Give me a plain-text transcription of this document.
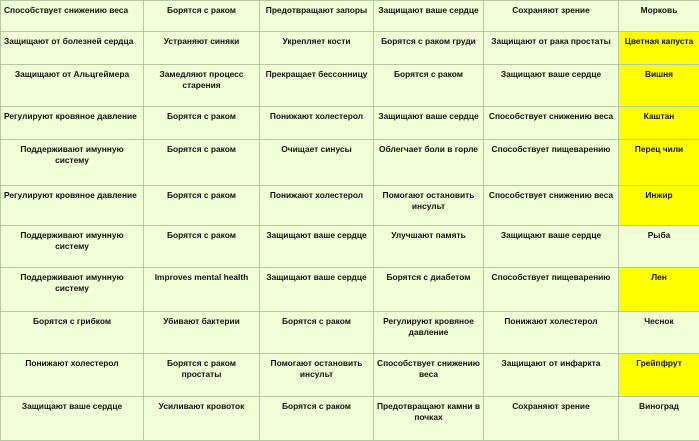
Способствует снижению веса	Борятся с раком	Предотвращают запоры	Защищают ваше сердце	Сохраняют зрение	Морковь
Защищают от болезней сердца	Устраняют синяки	Укрепляет кости	Борятся с раком груди	Защищают от рака простаты	Цветная капуста
Защищают от Альцгеймера	Замедляют процесс старения	Прекращает бессонницу	Борятся с раком	Защищают ваше сердце	Вишня
Регулируют кровяное давление	Борятся с раком	Понижают холестерол	Защищают ваше сердце	Способствует снижению веса	Каштан
Поддерживают имунную систему	Борятся с раком	Очищает синусы	Облегчает боли в горле	Способствует пищеварению	Перец чили
Регулируют кровяное давление	Борятся с раком	Понижают холестерол	Помогают остановить инсульт	Способствует снижению веса	Инжир
Поддерживают имунную систему	Борятся с раком	Защищают ваше сердце	Улучшают память	Защищают ваше сердце	Рыба
Поддерживают имунную систему	Improves mental health	Защищают ваше сердце	Борятся с диабетом	Способствует пищеварению	Лен
Борятся с грибком	Убивают бактерии	Борятся с раком	Регулируют кровяное давление	Понижают холестерол	Чеснок
Понижают холестерол	Борятся с раком простаты	Помогают остановить инсульт	Способствует снижению веса	Защищают от инфаркта	Грейпфрут
Защищают ваше сердце	Усиливают кровоток	Борятся с раком	Предотвращают камни в почках	Сохраняют зрение	Виноград
